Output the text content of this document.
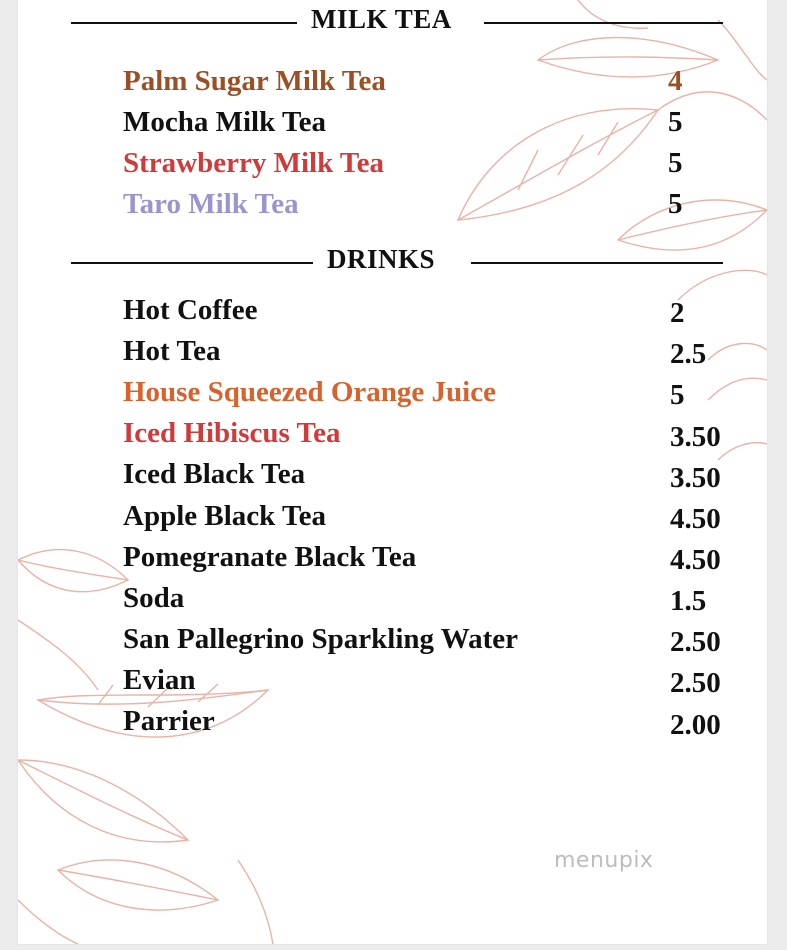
MILK TEA
Palm Sugar Milk Tea	4
Mocha Milk Tea	5
Strawberry Milk Tea	5
Taro Milk Tea	5
DRINKS
Hot Coffee	2
Hot Tea	2.5
House Squeezed Orange Juice	5
Iced Hibiscus Tea	3.50
Iced Black Tea	3.50
Apple Black Tea	4.50
Pomegranate Black Tea	4.50
Soda	1.5
San Pallegrino Sparkling Water	2.50
Evian	2.50
Parrier	2.00
menupix
